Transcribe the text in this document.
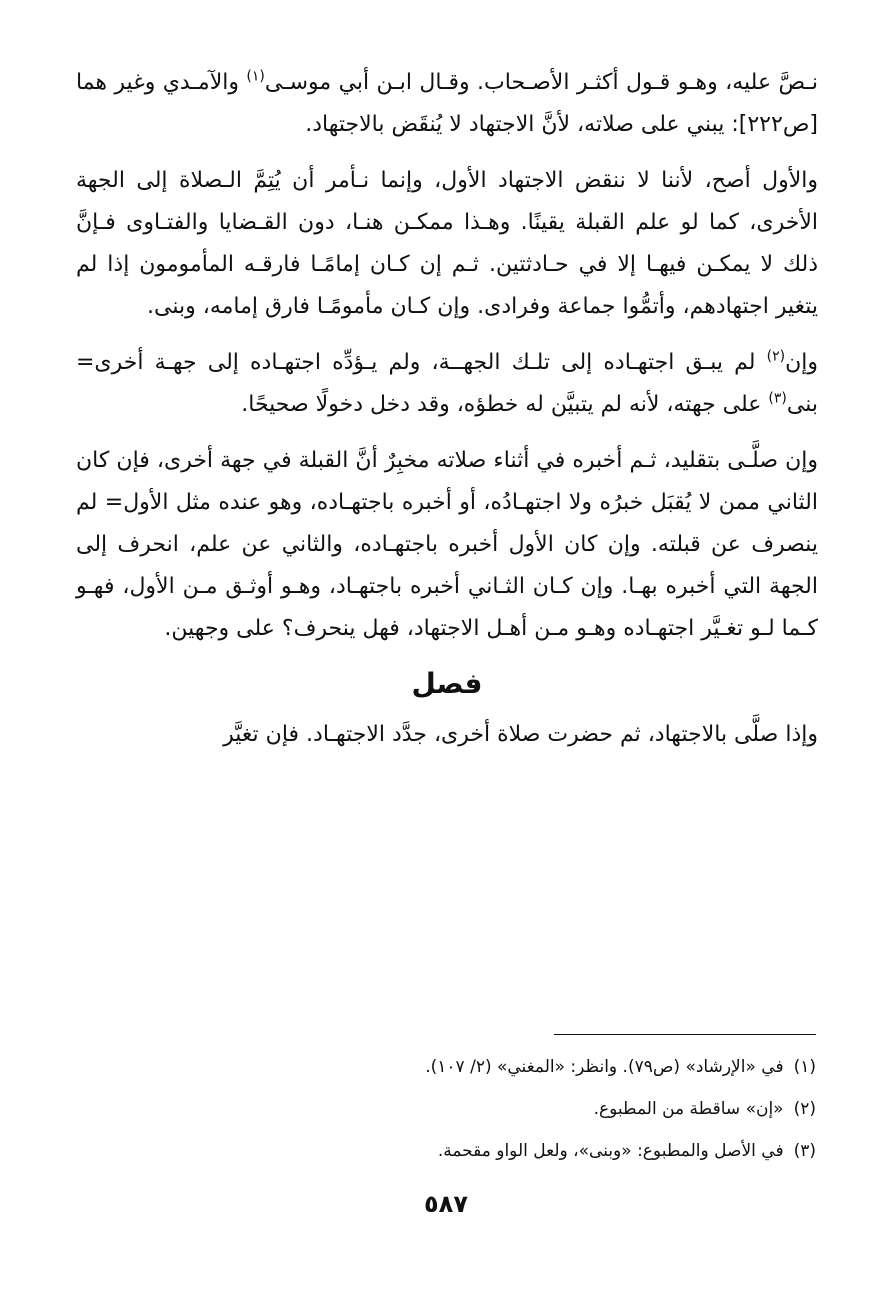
نـصَّ عليه، وهـو قـول أكثـر الأصـحاب. وقـال ابـن أبي موسـى$^{(١)}$ والآمـدي وغير هما [ص٢٢٢]: يبني على صلاته، لأنَّ الاجتهاد لا يُنقَض بالاجتهاد.

والأول أصح، لأننا لا ننقض الاجتهاد الأول، وإنما نـأمر أن يُتِمَّ الـصلاة إلى الجهة الأخرى، كما لو علم القبلة يقينًا. وهـذا ممكـن هنـا، دون القـضايا والفتـاوى فـإنَّ ذلك لا يمكـن فيهـا إلا في حـادثتين. ثـم إن كـان إمامًـا فارقـه المأمومون إذا لم يتغير اجتهادهم، وأتمُّوا جماعة وفرادى. وإن كـان مأمومًـا فارق إمامه، وبنى.

وإن$^{(٢)}$ لم يبـق اجتهـاده إلى تلـك الجهــة، ولم يـؤدِّه اجتهـاده إلى جهـة أخرى= بنى$^{(٣)}$ على جهته، لأنه لم يتبيَّن له خطؤه، وقد دخل دخولًا صحيحًا.

وإن صلَّـى بتقليد، ثـم أخبره في أثناء صلاته مخبِرٌ أنَّ القبلة في جهة أخرى، فإن كان الثاني ممن لا يُقبَل خبرُه ولا اجتهـادُه، أو أخبره باجتهـاده، وهو عنده مثل الأول= لم ينصرف عن قبلته. وإن كان الأول أخبره باجتهـاده، والثاني عن علم، انحرف إلى الجهة التي أخبره بهـا. وإن كـان الثـاني أخبره باجتهـاد، وهـو أوثـق مـن الأول، فهـو كـما لـو تغـيَّر اجتهـاده وهـو مـن أهـل الاجتهاد، فهل ينحرف؟ على وجهين.

فصل

وإذا صلَّى بالاجتهاد، ثم حضرت صلاة أخرى، جدَّد الاجتهـاد. فإن تغيَّر

(١)في «الإرشاد» (ص٧٩). وانظر: «المغني» (٢/ ١٠٧).
(٢)«إن» ساقطة من المطبوع.
(٣)في الأصل والمطبوع: «وبنى»، ولعل الواو مقحمة.
٥٨٧
